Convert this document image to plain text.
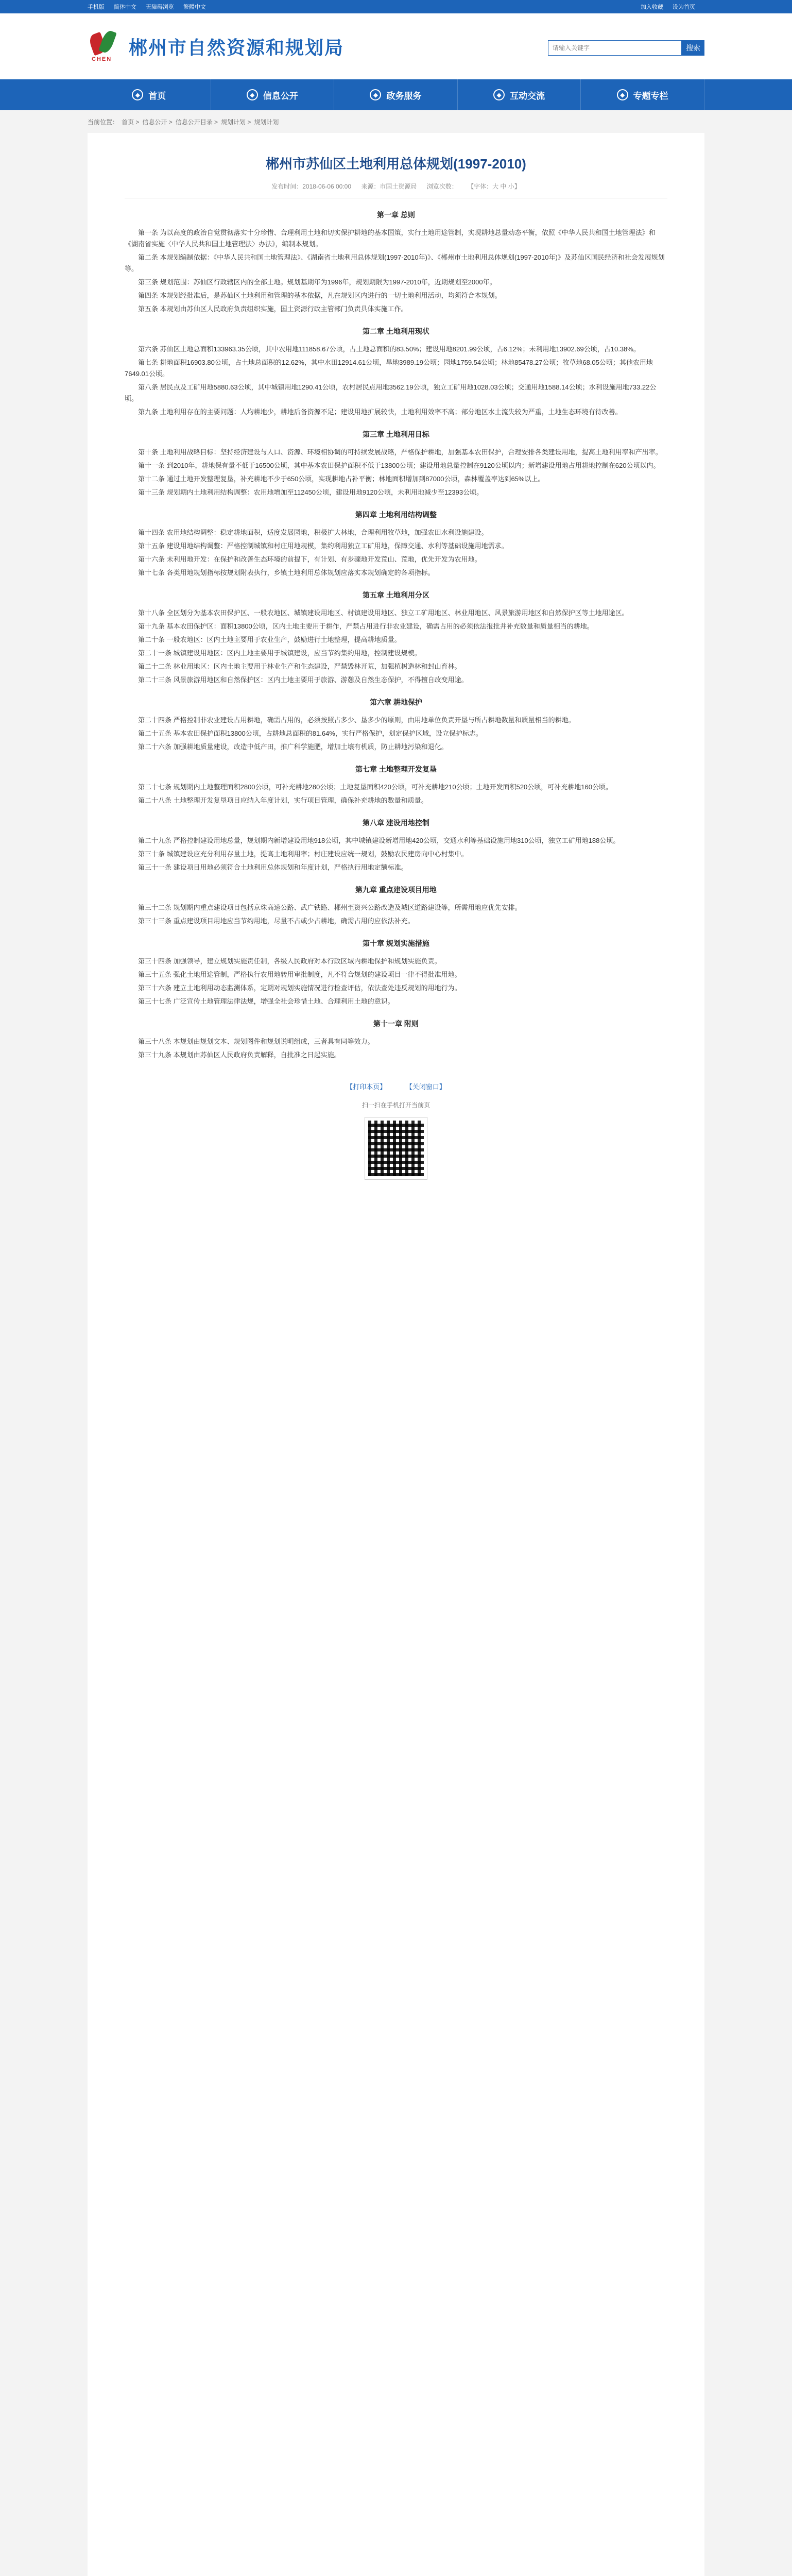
手机版 简体中文 无障碍浏览 繁體中文	加入收藏 设为首页
CHEN
郴州市自然资源和规划局
请输入关键字	搜索
◆ 首页	◆ 信息公开	◆ 政务服务	◆ 互动交流	◆ 专题专栏
当前位置： 首页 > 信息公开 > 信息公开目录 > 规划计划 > 规划计划
郴州市苏仙区土地利用总体规划(1997-2010)
发布时间：2018-06-06 00:00 来源：市国土资源局 浏览次数： 【字体：大 中 小】
第一章 总则

第一条 为以高度的政治自觉贯彻落实十分珍惜、合理利用土地和切实保护耕地的基本国策，实行土地用途管制，实现耕地总量动态平衡，依照《中华人民共和国土地管理法》和《湖南省实施〈中华人民共和国土地管理法〉办法》，编制本规划。

第二条 本规划编制依据：《中华人民共和国土地管理法》、《湖南省土地利用总体规划(1997-2010年)》、《郴州市土地利用总体规划(1997-2010年)》及苏仙区国民经济和社会发展规划等。

第三条 规划范围：苏仙区行政辖区内的全部土地。规划基期年为1996年，规划期限为1997-2010年，近期规划至2000年。

第四条 本规划经批准后，是苏仙区土地利用和管理的基本依据，凡在规划区内进行的一切土地利用活动，均须符合本规划。

第五条 本规划由苏仙区人民政府负责组织实施，国土资源行政主管部门负责具体实施工作。

第二章 土地利用现状

第六条 苏仙区土地总面积133963.35公顷，其中农用地111858.67公顷，占土地总面积的83.50%；建设用地8201.99公顷，占6.12%；未利用地13902.69公顷，占10.38%。

第七条 耕地面积16903.80公顷，占土地总面积的12.62%，其中水田12914.61公顷，旱地3989.19公顷；园地1759.54公顷；林地85478.27公顷；牧草地68.05公顷；其他农用地7649.01公顷。

第八条 居民点及工矿用地5880.63公顷，其中城镇用地1290.41公顷，农村居民点用地3562.19公顷，独立工矿用地1028.03公顷；交通用地1588.14公顷；水利设施用地733.22公顷。

第九条 土地利用存在的主要问题：人均耕地少，耕地后备资源不足；建设用地扩展较快，土地利用效率不高；部分地区水土流失较为严重，土地生态环境有待改善。

第三章 土地利用目标

第十条 土地利用战略目标：坚持经济建设与人口、资源、环境相协调的可持续发展战略，严格保护耕地，加强基本农田保护，合理安排各类建设用地，提高土地利用率和产出率。

第十一条 到2010年，耕地保有量不低于16500公顷，其中基本农田保护面积不低于13800公顷；建设用地总量控制在9120公顷以内；新增建设用地占用耕地控制在620公顷以内。

第十二条 通过土地开发整理复垦，补充耕地不少于650公顷，实现耕地占补平衡；林地面积增加到87000公顷，森林覆盖率达到65%以上。

第十三条 规划期内土地利用结构调整：农用地增加至112450公顷，建设用地9120公顷，未利用地减少至12393公顷。

第四章 土地利用结构调整

第十四条 农用地结构调整：稳定耕地面积，适度发展园地，积极扩大林地，合理利用牧草地，加强农田水利设施建设。

第十五条 建设用地结构调整：严格控制城镇和村庄用地规模，集约利用独立工矿用地，保障交通、水利等基础设施用地需求。

第十六条 未利用地开发：在保护和改善生态环境的前提下，有计划、有步骤地开发荒山、荒地，优先开发为农用地。

第十七条 各类用地规划指标按规划附表执行，乡镇土地利用总体规划应落实本规划确定的各项指标。

第五章 土地利用分区

第十八条 全区划分为基本农田保护区、一般农地区、城镇建设用地区、村镇建设用地区、独立工矿用地区、林业用地区、风景旅游用地区和自然保护区等土地用途区。

第十九条 基本农田保护区：面积13800公顷，区内土地主要用于耕作，严禁占用进行非农业建设，确需占用的必须依法报批并补充数量和质量相当的耕地。

第二十条 一般农地区：区内土地主要用于农业生产，鼓励进行土地整理，提高耕地质量。

第二十一条 城镇建设用地区：区内土地主要用于城镇建设，应当节约集约用地，控制建设规模。

第二十二条 林业用地区：区内土地主要用于林业生产和生态建设，严禁毁林开荒，加强植树造林和封山育林。

第二十三条 风景旅游用地区和自然保护区：区内土地主要用于旅游、游憩及自然生态保护，不得擅自改变用途。

第六章 耕地保护

第二十四条 严格控制非农业建设占用耕地，确需占用的，必须按照占多少、垦多少的原则，由用地单位负责开垦与所占耕地数量和质量相当的耕地。

第二十五条 基本农田保护面积13800公顷，占耕地总面积的81.64%，实行严格保护，划定保护区域，设立保护标志。

第二十六条 加强耕地质量建设，改造中低产田，推广科学施肥，增加土壤有机质，防止耕地污染和退化。

第七章 土地整理开发复垦

第二十七条 规划期内土地整理面积2800公顷，可补充耕地280公顷；土地复垦面积420公顷，可补充耕地210公顷；土地开发面积520公顷，可补充耕地160公顷。

第二十八条 土地整理开发复垦项目应纳入年度计划，实行项目管理，确保补充耕地的数量和质量。

第八章 建设用地控制

第二十九条 严格控制建设用地总量，规划期内新增建设用地918公顷，其中城镇建设新增用地420公顷，交通水利等基础设施用地310公顷，独立工矿用地188公顷。

第三十条 城镇建设应充分利用存量土地，提高土地利用率；村庄建设应统一规划，鼓励农民建房向中心村集中。

第三十一条 建设项目用地必须符合土地利用总体规划和年度计划，严格执行用地定额标准。

第九章 重点建设项目用地

第三十二条 规划期内重点建设项目包括京珠高速公路、武广铁路、郴州至资兴公路改造及城区道路建设等，所需用地应优先安排。

第三十三条 重点建设项目用地应当节约用地，尽量不占或少占耕地，确需占用的应依法补充。

第十章 规划实施措施

第三十四条 加强领导，建立规划实施责任制，各级人民政府对本行政区域内耕地保护和规划实施负责。

第三十五条 强化土地用途管制，严格执行农用地转用审批制度，凡不符合规划的建设项目一律不得批准用地。

第三十六条 建立土地利用动态监测体系，定期对规划实施情况进行检查评估，依法查处违反规划的用地行为。

第三十七条 广泛宣传土地管理法律法规，增强全社会珍惜土地、合理利用土地的意识。

第十一章 附则

第三十八条 本规划由规划文本、规划图件和规划说明组成，三者具有同等效力。

第三十九条 本规划由苏仙区人民政府负责解释，自批准之日起实施。

【打印本页】	【关闭窗口】
扫一扫在手机打开当前页
